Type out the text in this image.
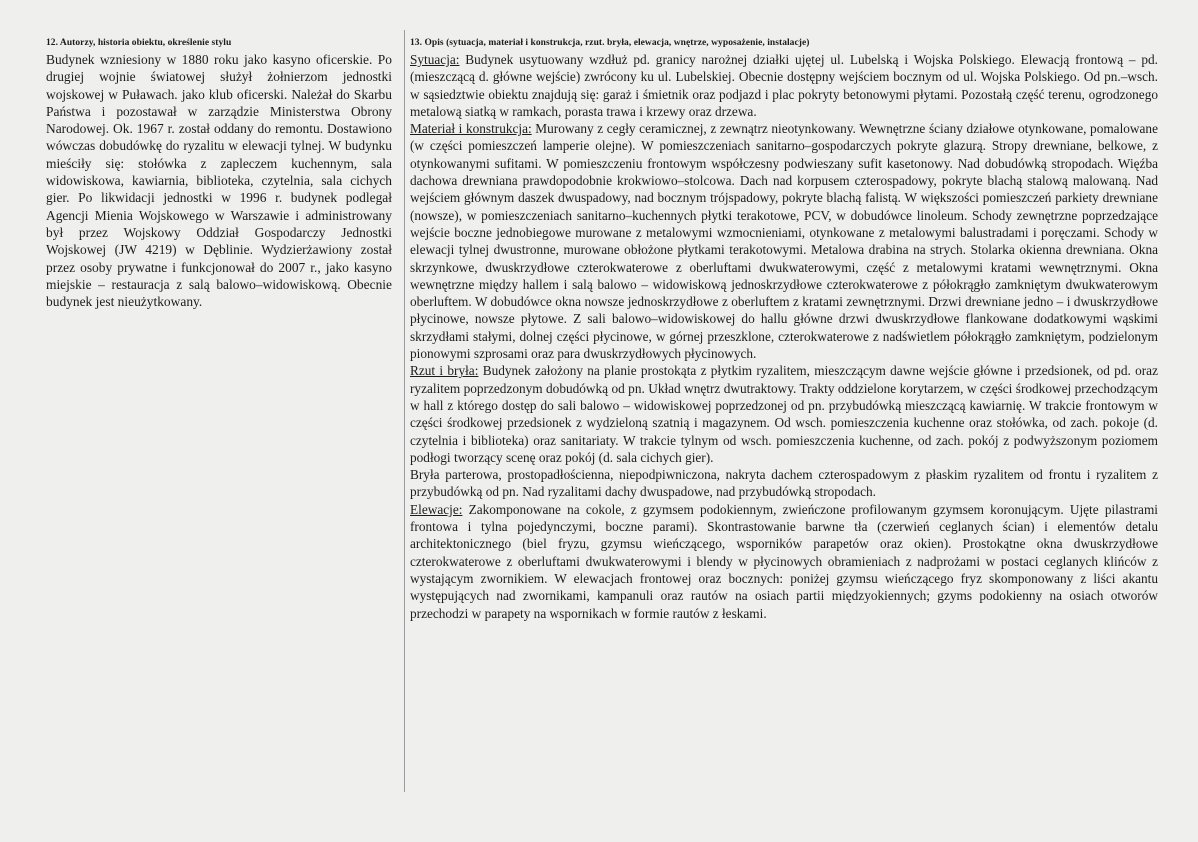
12. Autorzy, historia obiektu, określenie stylu

Budynek wzniesiony w 1880 roku jako kasyno oficerskie. Po drugiej wojnie światowej służył żołnierzom jednostki wojskowej w Puławach. jako klub oficerski. Należał do Skarbu Państwa i pozostawał w zarządzie Ministerstwa Obrony Narodowej. Ok. 1967 r. został oddany do remontu. Dostawiono wówczas dobudówkę do ryzalitu w elewacji tylnej. W budynku mieściły się: stołówka z zapleczem kuchennym, sala widowiskowa, kawiarnia, biblioteka, czytelnia, sala cichych gier. Po likwidacji jednostki w 1996 r. budynek podlegał Agencji Mienia Wojskowego w Warszawie i administrowany był przez Wojskowy Oddział Gospodarczy Jednostki Wojskowej (JW 4219) w Dęblinie. Wydzierżawiony został przez osoby prywatne i funkcjonował do 2007 r., jako kasyno miejskie – restauracja z salą balowo–widowiskową. Obecnie budynek jest nieużytkowany.

13. Opis (sytuacja, materiał i konstrukcja, rzut. bryła, elewacja, wnętrze, wyposażenie, instalacje)

Sytuacja: Budynek usytuowany wzdłuż pd. granicy narożnej działki ujętej ul. Lubelską i Wojska Polskiego. Elewacją frontową – pd. (mieszczącą d. główne wejście) zwrócony ku ul. Lubelskiej. Obecnie dostępny wejściem bocznym od ul. Wojska Polskiego. Od pn.–wsch. w sąsiedztwie obiektu znajdują się: garaż i śmietnik oraz podjazd i plac pokryty betonowymi płytami. Pozostałą część terenu, ogrodzonego metalową siatką w ramkach, porasta trawa i krzewy oraz drzewa.

Materiał i konstrukcja: Murowany z cegły ceramicznej, z zewnątrz nieotynkowany. Wewnętrzne ściany działowe otynkowane, pomalowane (w części pomieszczeń lamperie olejne). W pomieszczeniach sanitarno–gospodarczych pokryte glazurą. Stropy drewniane, belkowe, z otynkowanymi sufitami. W pomieszczeniu frontowym współczesny podwieszany sufit kasetonowy. Nad dobudówką stropodach. Więźba dachowa drewniana prawdopodobnie krokwiowo–stolcowa. Dach nad korpusem czterospadowy, pokryte blachą stalową malowaną. Nad wejściem głównym daszek dwuspadowy, nad bocznym trójspadowy, pokryte blachą falistą. W większości pomieszczeń parkiety drewniane (nowsze), w pomieszczeniach sanitarno–kuchennych płytki terakotowe, PCV, w dobudówce linoleum. Schody zewnętrzne poprzedzające wejście boczne jednobiegowe murowane z metalowymi wzmocnieniami, otynkowane z metalowymi balustradami i poręczami. Schody w elewacji tylnej dwustronne, murowane obłożone płytkami terakotowymi. Metalowa drabina na strych. Stolarka okienna drewniana. Okna skrzynkowe, dwuskrzydłowe czterokwaterowe z oberluftami dwukwaterowymi, część z metalowymi kratami wewnętrznymi. Okna wewnętrzne między hallem i salą balowo – widowiskową jednoskrzydłowe czterokwaterowe z półokrągło zamkniętym dwukwaterowym oberluftem. W dobudówce okna nowsze jednoskrzydłowe z oberluftem z kratami zewnętrznymi. Drzwi drewniane jedno – i dwuskrzydłowe płycinowe, nowsze płytowe. Z sali balowo–widowiskowej do hallu główne drzwi dwuskrzydłowe flankowane dodatkowymi wąskimi skrzydłami stałymi, dolnej części płycinowe, w górnej przeszklone, czterokwaterowe z nadświetlem półokrągło zamkniętym, podzielonym pionowymi szprosami oraz para dwuskrzydłowych płycinowych.

Rzut i bryła: Budynek założony na planie prostokąta z płytkim ryzalitem, mieszczącym dawne wejście główne i przedsionek, od pd. oraz ryzalitem poprzedzonym dobudówką od pn. Układ wnętrz dwutraktowy. Trakty oddzielone korytarzem, w części środkowej przechodzącym w hall z którego dostęp do sali balowo – widowiskowej poprzedzonej od pn. przybudówką mieszczącą kawiarnię. W trakcie frontowym w części środkowej przedsionek z wydzieloną szatnią i magazynem. Od wsch. pomieszczenia kuchenne oraz stołówka, od zach. pokoje (d. czytelnia i biblioteka) oraz sanitariaty. W trakcie tylnym od wsch. pomieszczenia kuchenne, od zach. pokój z podwyższonym poziomem podłogi tworzący scenę oraz pokój (d. sala cichych gier).

Bryła parterowa, prostopadłościenna, niepodpiwniczona, nakryta dachem czterospadowym z płaskim ryzalitem od frontu i ryzalitem z przybudówką od pn. Nad ryzalitami dachy dwuspadowe, nad przybudówką stropodach.

Elewacje: Zakomponowane na cokole, z gzymsem podokiennym, zwieńczone profilowanym gzymsem koronującym. Ujęte pilastrami frontowa i tylna pojedynczymi, boczne parami). Skontrastowanie barwne tła (czerwień ceglanych ścian) i elementów detalu architektonicznego (biel fryzu, gzymsu wieńczącego, wsporników parapetów oraz okien). Prostokątne okna dwuskrzydłowe czterokwaterowe z oberluftami dwukwaterowymi i blendy w płycinowych obramieniach z nadprożami w postaci ceglanych klińców z wystającym zwornikiem. W elewacjach frontowej oraz bocznych: poniżej gzymsu wieńczącego fryz skomponowany z liści akantu występujących nad zwornikami, kampanuli oraz rautów na osiach partii międzyokiennych; gzyms podokienny na osiach otworów przechodzi w parapety na wspornikach w formie rautów z łeskami.
